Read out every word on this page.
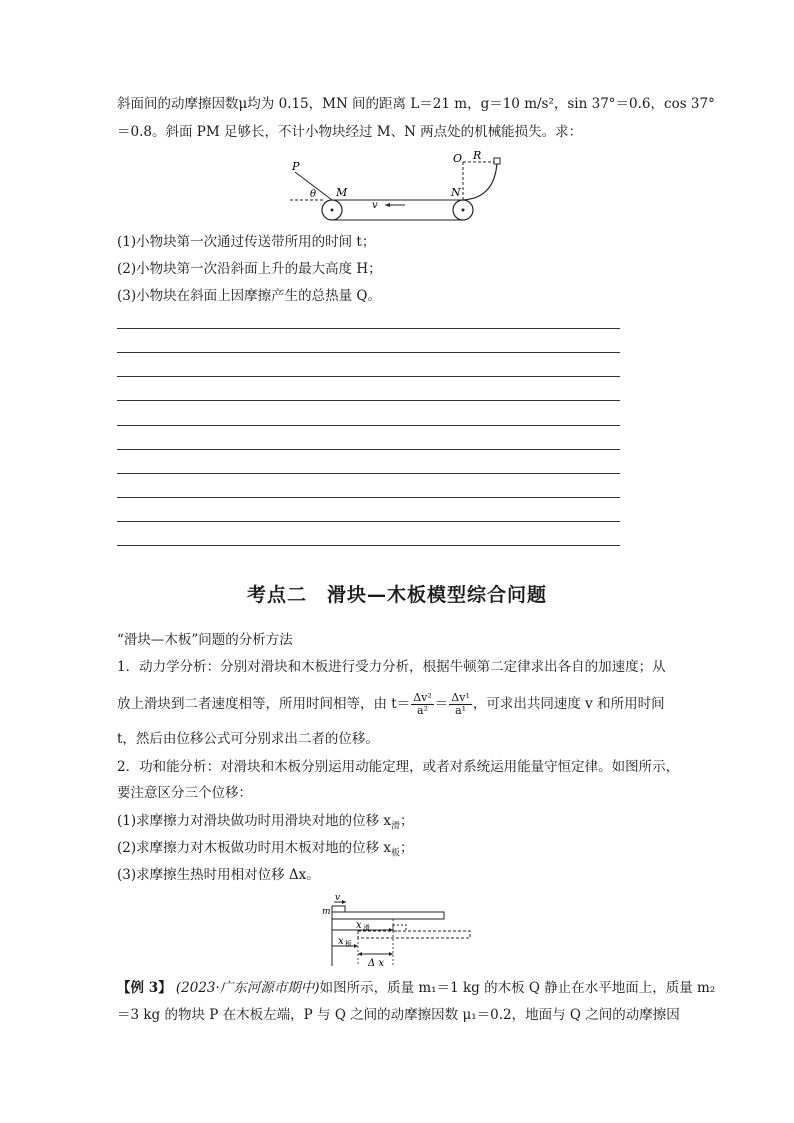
斜面间的动摩擦因数μ均为 0.15，MN 间的距离 L＝21 m，g＝10 m/s²，sin 37°＝0.6，cos 37°
＝0.8。斜面 PM 足够长，不计小物块经过 M、N 两点处的机械能损失。求：
P
θ M
v
N
O R
(1)小物块第一次通过传送带所用的时间 t；
(2)小物块第一次沿斜面上升的最大高度 H；
(3)小物块在斜面上因摩擦产生的总热量 Q。
考点二　滑块—木板模型综合问题
“滑块—木板”问题的分析方法
1．动力学分析：分别对滑块和木板进行受力分析，根据牛顿第二定律求出各自的加速度；从
放上滑块到二者速度相等，所用时间相等，由 $t= \frac{\text{Δv²}}{\text{a²}} = \frac{\text{Δv¹}}{\text{a¹}}$ ，可求出共同速度 v 和所用时间
t，然后由位移公式可分别求出二者的位移。
2．功和能分析：对滑块和木板分别运用动能定理，或者对系统运用能量守恒定律。如图所示，
要注意区分三个位移：
(1)求摩擦力对滑块做功时用滑块对地的位移 $x_滑$；
(2)求摩擦力对木板做功时用木板对地的位移 $x_板$；
(3)求摩擦生热时用相对位移 Δx。
v
m
x 滑
x 板
Δ x
【例 3】 (2023·广东河源市期中)如图所示，质量 m₁＝1 kg 的木板 Q 静止在水平地面上，质量 m₂
＝3 kg 的物块 P 在木板左端，P 与 Q 之间的动摩擦因数 μ₁＝0.2，地面与 Q 之间的动摩擦因
